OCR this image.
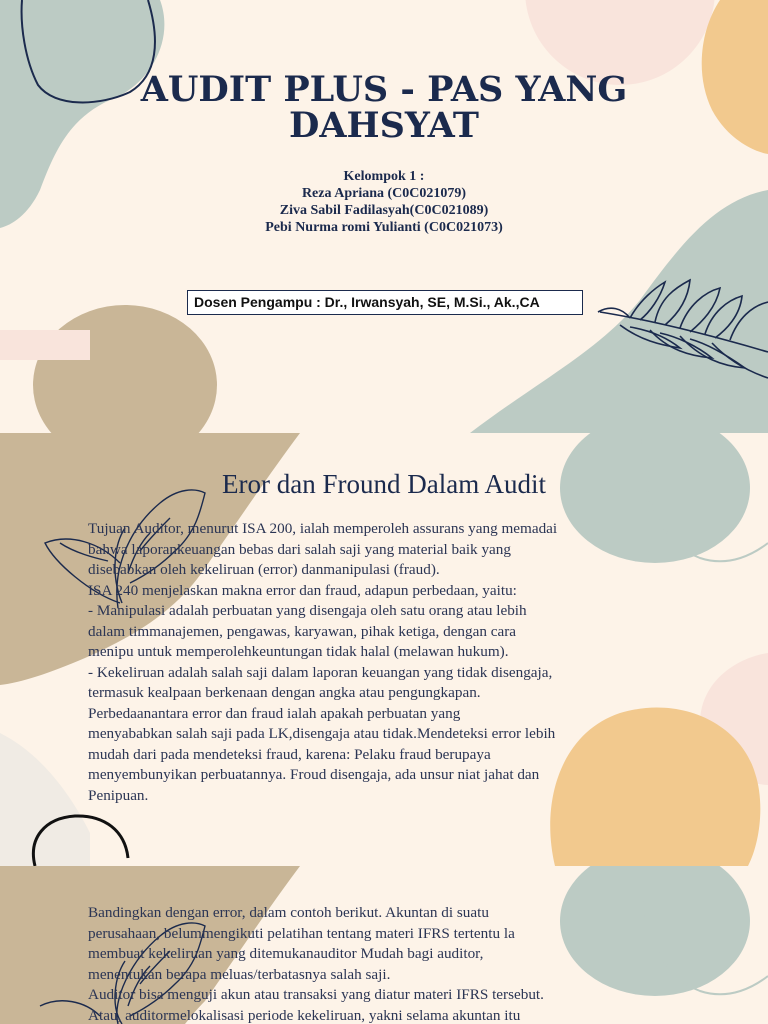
AUDIT PLUS - PAS YANG
DAHSYAT
Kelompok 1 :
Reza Apriana (C0C021079)
Ziva Sabil Fadilasyah(C0C021089)
Pebi Nurma romi Yulianti (C0C021073)
Dosen Pengampu : Dr., Irwansyah, SE, M.Si., Ak.,CA
Eror dan Fround Dalam Audit

Tujuan Auditor, menurut ISA 200, ialah memperoleh assurans yang memadai

bahwa laporankeuangan bebas dari salah saji yang material baik yang

disebabkan oleh kekeliruan (error) danmanipulasi (fraud).

ISA 240 menjelaskan makna error dan fraud, adapun perbedaan, yaitu:

- Manipulasi adalah perbuatan yang disengaja oleh satu orang atau lebih

dalam timmanajemen, pengawas, karyawan, pihak ketiga, dengan cara

menipu untuk memperolehkeuntungan tidak halal (melawan hukum).

- Kekeliruan adalah salah saji dalam laporan keuangan yang tidak disengaja,

termasuk kealpaan berkenaan dengan angka atau pengungkapan.

Perbedaanantara error dan fraud ialah apakah perbuatan yang

menyababkan salah saji pada LK,disengaja atau tidak.Mendeteksi error lebih

mudah dari pada mendeteksi fraud, karena: Pelaku fraud berupaya

menyembunyikan perbuatannya. Froud disengaja, ada unsur niat jahat dan

Penipuan.

Bandingkan dengan error, dalam contoh berikut. Akuntan di suatu

perusahaan, belummengikuti pelatihan tentang materi IFRS tertentu la

membuat kekeliruan yang ditemukanauditor Mudah bagi auditor,

menentukan berapa meluas/terbatasnya salah saji.

Auditor bisa menguji akun atau transaksi yang diatur materi IFRS tersebut.

Atau, auditormelokalisasi periode kekeliruan, yakni selama akuntan itu
